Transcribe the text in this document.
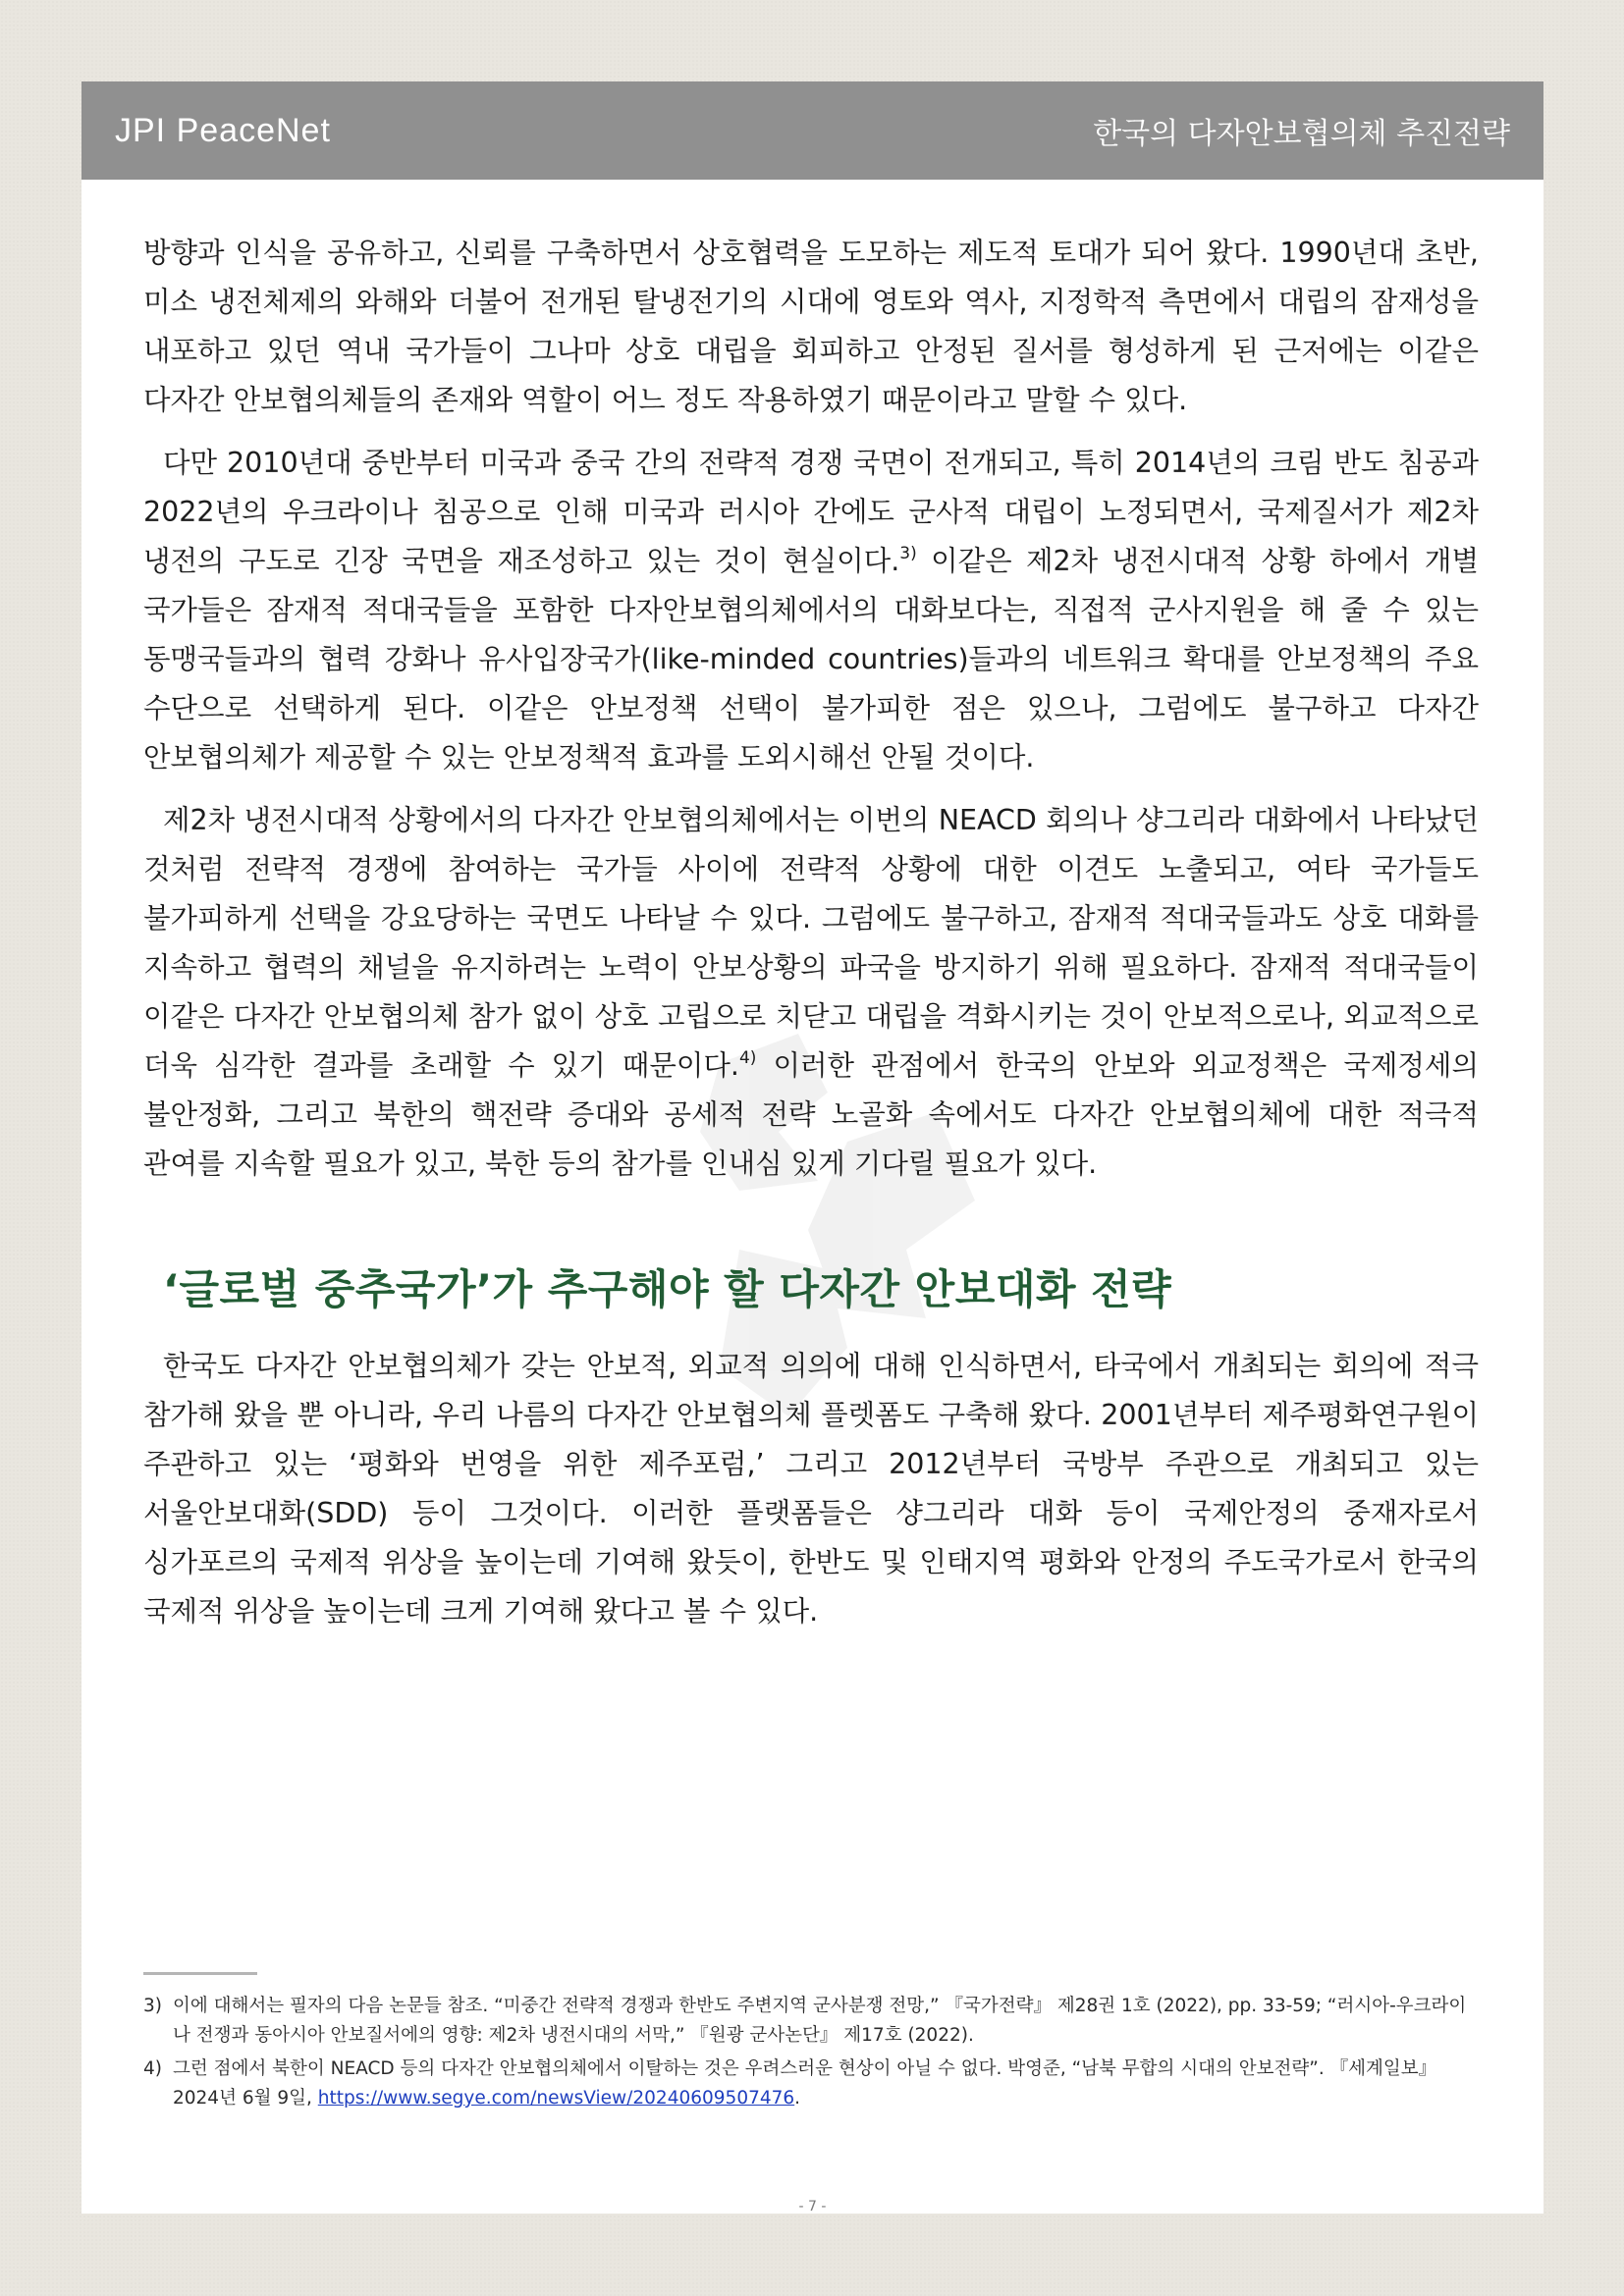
JPI PeaceNet	한국의 다자안보협의체 추진전략

방향과 인식을 공유하고, 신뢰를 구축하면서 상호협력을 도모하는 제도적 토대가 되어 왔다. 1990년대 초반, 미소 냉전체제의 와해와 더불어 전개된 탈냉전기의 시대에 영토와 역사, 지정학적 측면에서 대립의 잠재성을 내포하고 있던 역내 국가들이 그나마 상호 대립을 회피하고 안정된 질서를 형성하게 된 근저에는 이같은 다자간 안보협의체들의 존재와 역할이 어느 정도 작용하였기 때문이라고 말할 수 있다.

다만 2010년대 중반부터 미국과 중국 간의 전략적 경쟁 국면이 전개되고, 특히 2014년의 크림 반도 침공과 2022년의 우크라이나 침공으로 인해 미국과 러시아 간에도 군사적 대립이 노정되면서, 국제질서가 제2차 냉전의 구도로 긴장 국면을 재조성하고 있는 것이 현실이다.$^{3)}$ 이같은 제2차 냉전시대적 상황 하에서 개별 국가들은 잠재적 적대국들을 포함한 다자안보협의체에서의 대화보다는, 직접적 군사지원을 해 줄 수 있는 동맹국들과의 협력 강화나 유사입장국가(like-minded countries)들과의 네트워크 확대를 안보정책의 주요 수단으로 선택하게 된다. 이같은 안보정책 선택이 불가피한 점은 있으나, 그럼에도 불구하고 다자간 안보협의체가 제공할 수 있는 안보정책적 효과를 도외시해선 안될 것이다.

제2차 냉전시대적 상황에서의 다자간 안보협의체에서는 이번의 NEACD 회의나 샹그리라 대화에서 나타났던 것처럼 전략적 경쟁에 참여하는 국가들 사이에 전략적 상황에 대한 이견도 노출되고, 여타 국가들도 불가피하게 선택을 강요당하는 국면도 나타날 수 있다. 그럼에도 불구하고, 잠재적 적대국들과도 상호 대화를 지속하고 협력의 채널을 유지하려는 노력이 안보상황의 파국을 방지하기 위해 필요하다. 잠재적 적대국들이 이같은 다자간 안보협의체 참가 없이 상호 고립으로 치닫고 대립을 격화시키는 것이 안보적으로나, 외교적으로 더욱 심각한 결과를 초래할 수 있기 때문이다.$^{4)}$ 이러한 관점에서 한국의 안보와 외교정책은 국제정세의 불안정화, 그리고 북한의 핵전략 증대와 공세적 전략 노골화 속에서도 다자간 안보협의체에 대한 적극적 관여를 지속할 필요가 있고, 북한 등의 참가를 인내심 있게 기다릴 필요가 있다.

‘글로벌 중추국가’가 추구해야 할 다자간 안보대화 전략

한국도 다자간 안보협의체가 갖는 안보적, 외교적 의의에 대해 인식하면서, 타국에서 개최되는 회의에 적극 참가해 왔을 뿐 아니라, 우리 나름의 다자간 안보협의체 플렛폼도 구축해 왔다. 2001년부터 제주평화연구원이 주관하고 있는 ‘평화와 번영을 위한 제주포럼,’ 그리고 2012년부터 국방부 주관으로 개최되고 있는 서울안보대화(SDD) 등이 그것이다. 이러한 플랫폼들은 샹그리라 대화 등이 국제안정의 중재자로서 싱가포르의 국제적 위상을 높이는데 기여해 왔듯이, 한반도 및 인태지역 평화와 안정의 주도국가로서 한국의 국제적 위상을 높이는데 크게 기여해 왔다고 볼 수 있다.

3) 이에 대해서는 필자의 다음 논문들 참조. “미중간 전략적 경쟁과 한반도 주변지역 군사분쟁 전망,” 『국가전략』 제28권 1호 (2022), pp. 33-59; “러시아-우크라이나 전쟁과 동아시아 안보질서에의 영향: 제2차 냉전시대의 서막,” 『원광 군사논단』 제17호 (2022).
4) 그런 점에서 북한이 NEACD 등의 다자간 안보협의체에서 이탈하는 것은 우려스러운 현상이 아닐 수 없다. 박영준, “남북 무합의 시대의 안보전략”. 『세계일보』 2024년 6월 9일, https://www.segye.com/newsView/20240609507476.
- 7 -
